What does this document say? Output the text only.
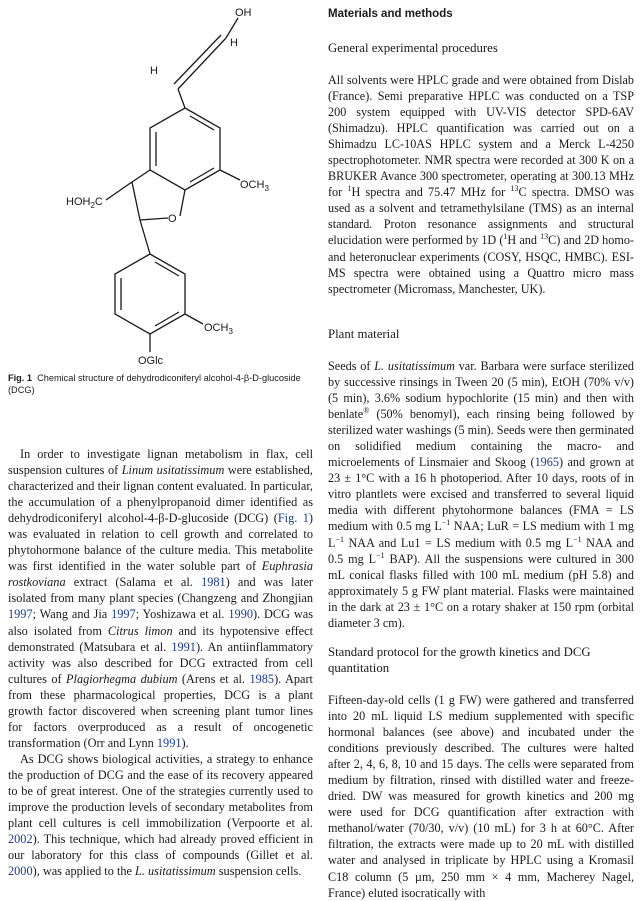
OH
H
H
$HOH_2C$
$OCH_3$
O
$OCH_3$
OGlc
Fig. 1 Chemical structure of dehydrodiconiferyl alcohol-4-β-D-glucoside (DCG)

In order to investigate lignan metabolism in flax, cell suspension cultures of Linum usitatissimum were established, characterized and their lignan content evaluated. In particular, the accumulation of a phenylpropanoid dimer identified as dehydrodiconiferyl alcohol-4-β-D-glucoside (DCG) (Fig. 1) was evaluated in relation to cell growth and correlated to phytohormone balance of the culture media. This metabolite was first identified in the water soluble part of Euphrasia rostkoviana extract (Salama et al. 1981) and was later isolated from many plant species (Changzeng and Zhongjian 1997; Wang and Jia 1997; Yoshizawa et al. 1990). DCG was also isolated from Citrus limon and its hypotensive effect demonstrated (Matsubara et al. 1991). An antiinflammatory activity was also described for DCG extracted from cell cultures of Plagiorhegma dubium (Arens et al. 1985). Apart from these pharmacological properties, DCG is a plant growth factor discovered when screening plant tumor lines for factors overproduced as a result of oncogenetic transformation (Orr and Lynn 1991).

As DCG shows biological activities, a strategy to enhance the production of DCG and the ease of its recovery appeared to be of great interest. One of the strategies currently used to improve the production levels of secondary metabolites from plant cell cultures is cell immobilization (Verpoorte et al. 2002). This technique, which had already proved efficient in our laboratory for this class of compounds (Gillet et al. 2000), was applied to the L. usitatissimum suspension cells.

Materials and methods
General experimental procedures
All solvents were HPLC grade and were obtained from Dislab (France). Semi preparative HPLC was conducted on a TSP 200 system equipped with UV-VIS detector SPD-6AV (Shimadzu). HPLC quantification was carried out on a Shimadzu LC-10AS HPLC system and a Merck L-4250 spectrophotometer. NMR spectra were recorded at 300 K on a BRUKER Avance 300 spectrometer, operating at 300.13 MHz for $^1$H spectra and 75.47 MHz for $^{13}$C spectra. DMSO was used as a solvent and tetramethylsilane (TMS) as an internal standard. Proton resonance assignments and structural elucidation were performed by 1D ($^1$H and $^{13}$C) and 2D homo- and heteronuclear experiments (COSY, HSQC, HMBC). ESI-MS spectra were obtained using a Quattro micro mass spectrometer (Micromass, Manchester, UK).
Plant material
Seeds of L. usitatissimum var. Barbara were surface sterilized by successive rinsings in Tween 20 (5 min), EtOH (70% v/v) (5 min), 3.6% sodium hypochlorite (15 min) and then with benlate® (50% benomyl), each rinsing being followed by sterilized water washings (5 min). Seeds were then germinated on solidified medium containing the macro- and microelements of Linsmaier and Skoog (1965) and grown at 23 ± 1°C with a 16 h photoperiod. After 10 days, roots of in vitro plantlets were excised and transferred to several liquid media with different phytohormone balances (FMA = LS medium with 0.5 mg $L^{-1}$ NAA; LuR = LS medium with 1 mg $L^{-1}$ NAA and Lu1 = LS medium with 0.5 mg $L^{-1}$ NAA and 0.5 mg $L^{-1}$ BAP). All the suspensions were cultured in 300 mL conical flasks filled with 100 mL medium (pH 5.8) and approximately 5 g FW plant material. Flasks were maintained in the dark at 23 ± 1°C on a rotary shaker at 150 rpm (orbital diameter 3 cm).
Standard protocol for the growth kinetics and DCG quantitation
Fifteen-day-old cells (1 g FW) were gathered and transferred into 20 mL liquid LS medium supplemented with specific hormonal balances (see above) and incubated under the conditions previously described. The cultures were halted after 2, 4, 6, 8, 10 and 15 days. The cells were separated from medium by filtration, rinsed with distilled water and freeze-dried. DW was measured for growth kinetics and 200 mg were used for DCG quantification after extraction with methanol/water (70/30, v/v) (10 mL) for 3 h at 60°C. After filtration, the extracts were made up to 20 mL with distilled water and analysed in triplicate by HPLC using a Kromasil C18 column (5 µm, 250 mm × 4 mm, Macherey Nagel, France) eluted isocratically with
